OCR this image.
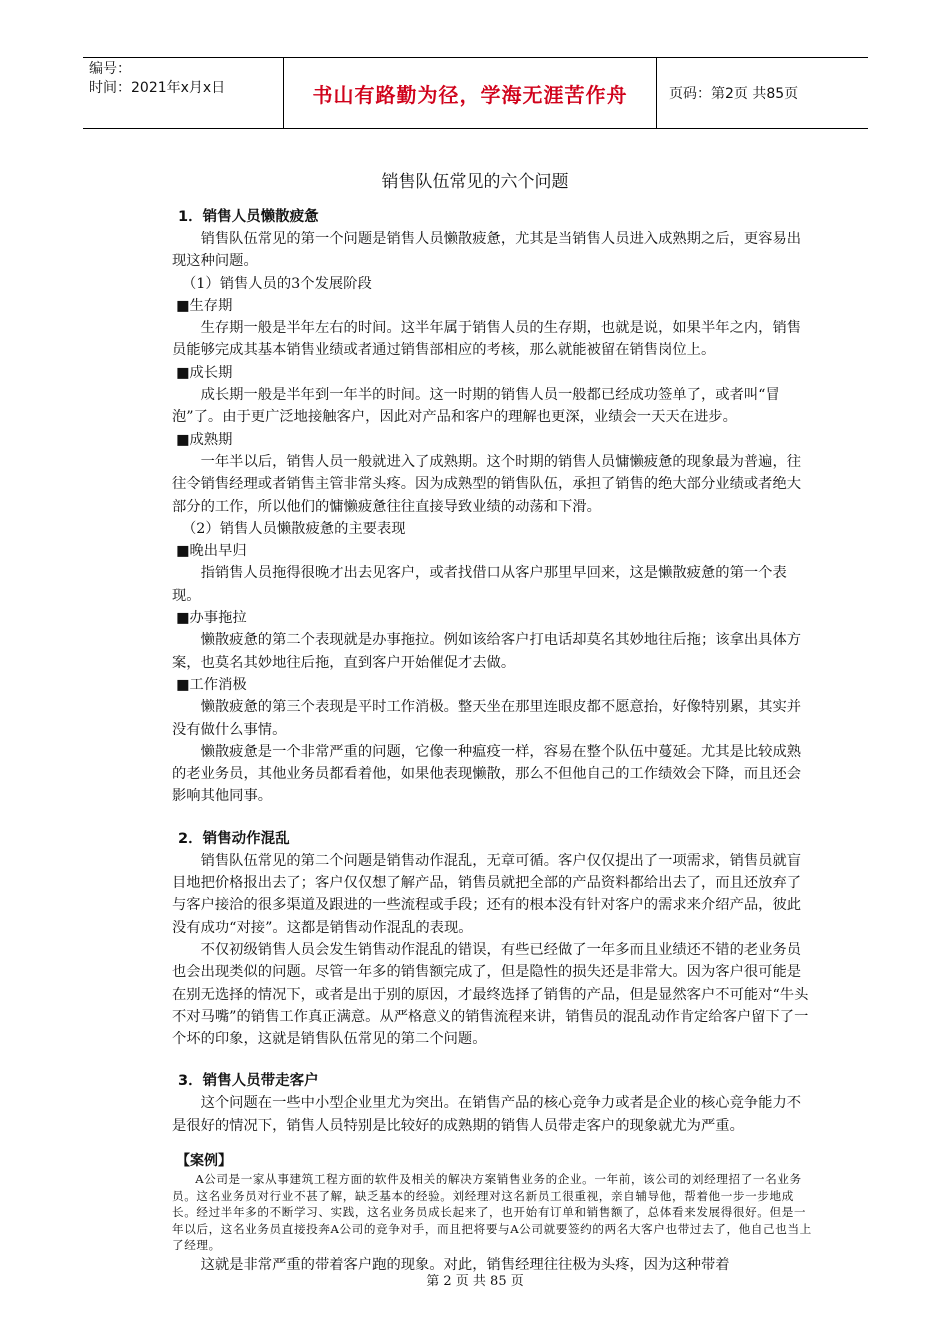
编号：
时间：2021年x月x日	书山有路勤为径，学海无涯苦作舟	页码：第2页 共85页
销售队伍常见的六个问题

1．销售人员懒散疲惫

销售队伍常见的第一个问题是销售人员懒散疲惫，尤其是当销售人员进入成熟期之后，更容易出现这种问题。

（1）销售人员的3个发展阶段

■生存期

生存期一般是半年左右的时间。这半年属于销售人员的生存期，也就是说，如果半年之内，销售员能够完成其基本销售业绩或者通过销售部相应的考核，那么就能被留在销售岗位上。

■成长期

成长期一般是半年到一年半的时间。这一时期的销售人员一般都已经成功签单了，或者叫“冒泡”了。由于更广泛地接触客户，因此对产品和客户的理解也更深，业绩会一天天在进步。

■成熟期

一年半以后，销售人员一般就进入了成熟期。这个时期的销售人员慵懒疲惫的现象最为普遍，往往令销售经理或者销售主管非常头疼。因为成熟型的销售队伍，承担了销售的绝大部分业绩或者绝大部分的工作，所以他们的慵懒疲惫往往直接导致业绩的动荡和下滑。

（2）销售人员懒散疲惫的主要表现

■晚出早归

指销售人员拖得很晚才出去见客户，或者找借口从客户那里早回来，这是懒散疲惫的第一个表现。

■办事拖拉

懒散疲惫的第二个表现就是办事拖拉。例如该给客户打电话却莫名其妙地往后拖；该拿出具体方案，也莫名其妙地往后拖，直到客户开始催促才去做。

■工作消极

懒散疲惫的第三个表现是平时工作消极。整天坐在那里连眼皮都不愿意抬，好像特别累，其实并没有做什么事情。

懒散疲惫是一个非常严重的问题，它像一种瘟疫一样，容易在整个队伍中蔓延。尤其是比较成熟的老业务员，其他业务员都看着他，如果他表现懒散，那么不但他自己的工作绩效会下降，而且还会影响其他同事。

2．销售动作混乱

销售队伍常见的第二个问题是销售动作混乱，无章可循。客户仅仅提出了一项需求，销售员就盲目地把价格报出去了；客户仅仅想了解产品，销售员就把全部的产品资料都给出去了，而且还放弃了与客户接洽的很多渠道及跟进的一些流程或手段；还有的根本没有针对客户的需求来介绍产品，彼此没有成功“对接”。这都是销售动作混乱的表现。

不仅初级销售人员会发生销售动作混乱的错误，有些已经做了一年多而且业绩还不错的老业务员也会出现类似的问题。尽管一年多的销售额完成了，但是隐性的损失还是非常大。因为客户很可能是在别无选择的情况下，或者是出于别的原因，才最终选择了销售的产品，但是显然客户不可能对“牛头不对马嘴”的销售工作真正满意。从严格意义的销售流程来讲，销售员的混乱动作肯定给客户留下了一个坏的印象，这就是销售队伍常见的第二个问题。

3．销售人员带走客户

这个问题在一些中小型企业里尤为突出。在销售产品的核心竞争力或者是企业的核心竞争能力不是很好的情况下，销售人员特别是比较好的成熟期的销售人员带走客户的现象就尤为严重。

【案例】

A公司是一家从事建筑工程方面的软件及相关的解决方案销售业务的企业。一年前，该公司的刘经理招了一名业务员。这名业务员对行业不甚了解，缺乏基本的经验。刘经理对这名新员工很重视，亲自辅导他，帮着他一步一步地成长。经过半年多的不断学习、实践，这名业务员成长起来了，也开始有订单和销售额了，总体看来发展得很好。但是一年以后，这名业务员直接投奔A公司的竞争对手，而且把将要与A公司就要签约的两名大客户也带过去了，他自己也当上了经理。

这就是非常严重的带着客户跑的现象。对此，销售经理往往极为头疼，因为这种带着

第 2 页 共 85 页
